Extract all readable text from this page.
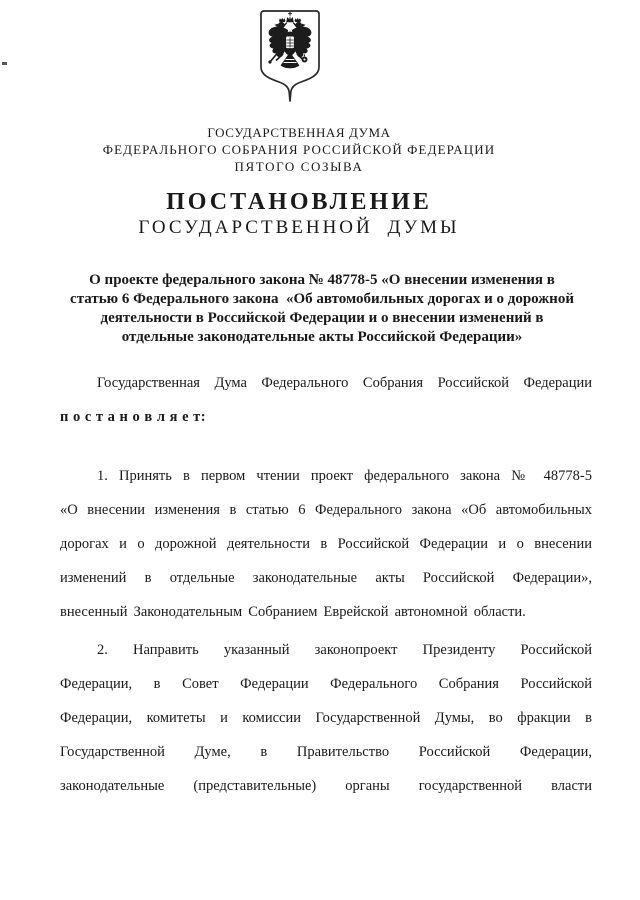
ГОСУДАРСТВЕННАЯ ДУМА
ФЕДЕРАЛЬНОГО СОБРАНИЯ РОССИЙСКОЙ ФЕДЕРАЦИИ
ПЯТОГО СОЗЫВА
ПОСТАНОВЛЕНИЕ
ГОСУДАРСТВЕННОЙ ДУМЫ
О проекте федерального закона № 48778-5 «О внесении изменения в
статью 6 Федерального закона  «Об автомобильных дорогах и о дорожной
деятельности в Российской Федерации и о внесении изменений в
отдельные законодательные акты Российской Федерации»
Государственная Дума Федерального Собрания Российской Федерации
п о с т а н о в л я е т:
1. Принять в первом чтении проект федерального закона № 48778-5
«О внесении изменения в статью 6 Федерального закона «Об автомобильных
дорогах и о дорожной деятельности в Российской Федерации и о внесении
изменений в отдельные законодательные акты Российской Федерации»,
внесенный Законодательным Собранием Еврейской автономной области.
2. Направить указанный законопроект Президенту Российской
Федерации, в Совет Федерации Федерального Собрания Российской
Федерации, комитеты и комиссии Государственной Думы, во фракции в
Государственной Думе, в Правительство Российской Федерации,
законодательные (представительные) органы государственной власти
